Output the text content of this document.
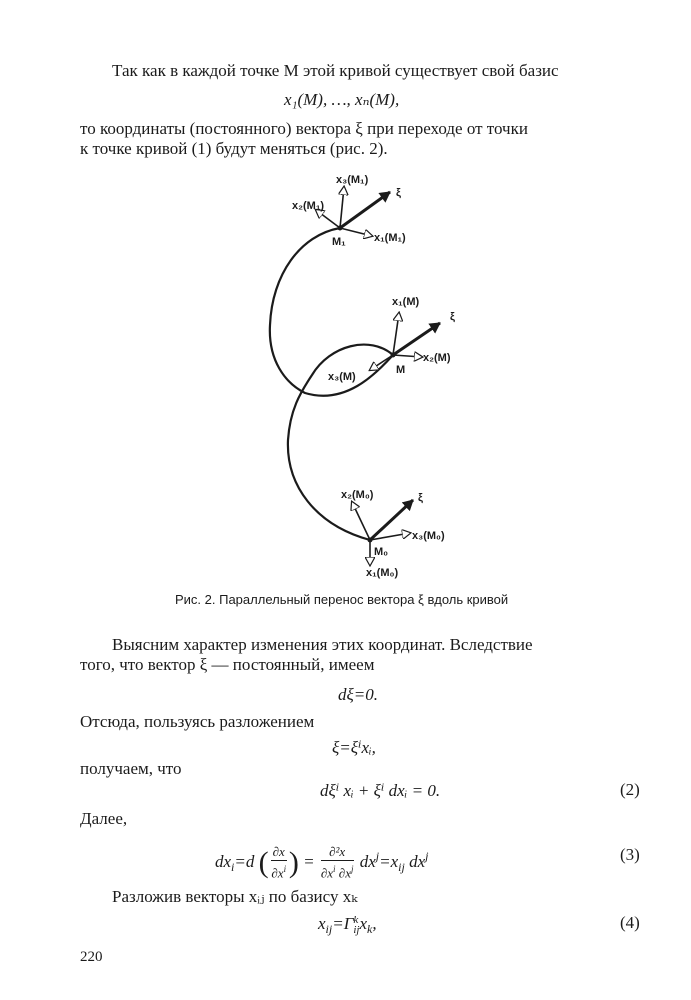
Так как в каждой точке M этой кривой существует свой базис
x₁(M), …, xₙ(M),
то координаты (постоянного) вектора ξ при переходе от точки
к точке кривой (1) будут меняться (рис. 2).
x₃(M₁)
x₂(M₁)
ξ
M₁	x₁(M₁)
x₁(M)
ξ
x₂(M)
x₃(M)
M
x₂(M₀)	ξ
x₃(M₀)
M₀
x₁(M₀)
Рис. 2. Параллельный перенос вектора ξ вдоль кривой
Выясним характер изменения этих координат. Вследствие
того, что вектор ξ — постоянный, имеем
dξ=0.
Отсюда, пользуясь разложением
ξ=ξⁱxᵢ,
получаем, что
dξⁱ xᵢ + ξⁱ dxᵢ = 0.	(2)
Далее,
$dx_i=d$ ( $\frac{\partial x}{\partial x^i}$ ) = $\frac{\text{∂²x}}{\partial x^i \partial x^j} dx^j=x_{ij}$ $dx^j$	(3)
Разложив векторы xᵢⱼ по базису xₖ
$x_{ij}=\Gamma$ k
ij $x_k$,	(4)
220
